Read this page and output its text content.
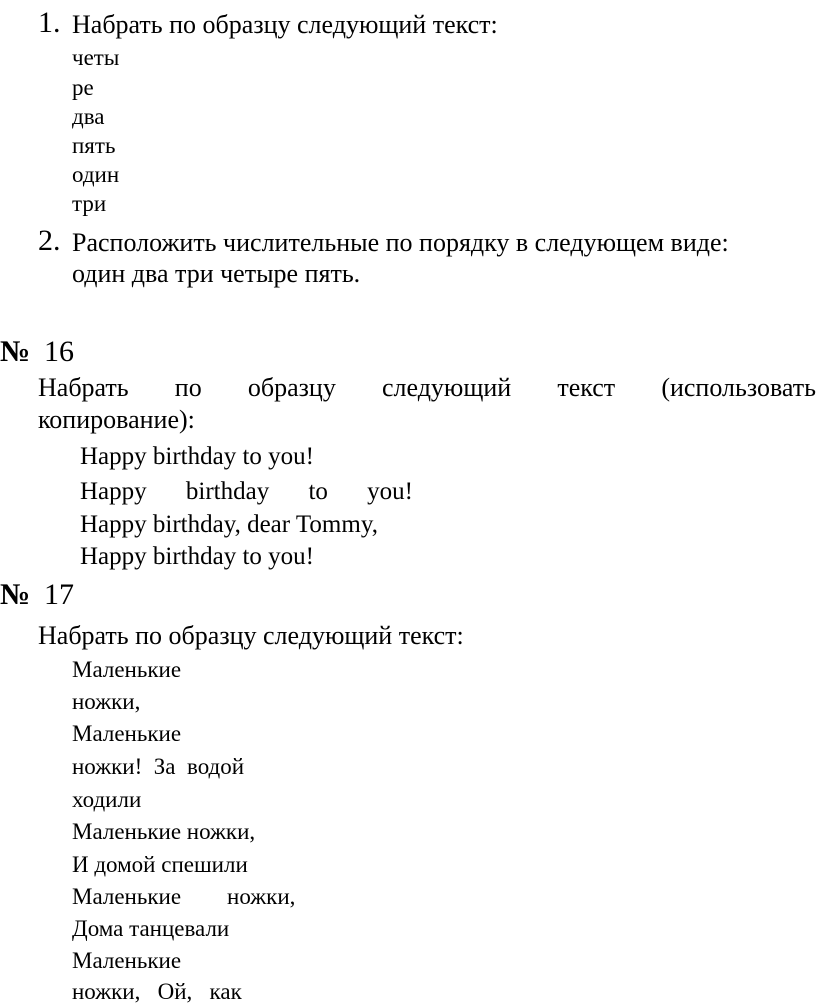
1. Набрать по образцу следующий текст:
четы
ре
два
пять
один
три
2. Расположить числительные по порядку в следующем виде:
один два три четыре пять.
№ 16
Набрать по образцу следующий текст (использовать
копирование):
Happy birthday to you!
Happy birthday to you!
Happy birthday, dear Tommy,
Happy birthday to you!
№ 17
Набрать по образцу следующий текст:
Маленькие
ножки,
Маленькие
ножки!  За  водой
ходили
Маленькие ножки,
И домой спешили
Маленькие        ножки,
Дома танцевали
Маленькие
ножки,   Ой,   как
